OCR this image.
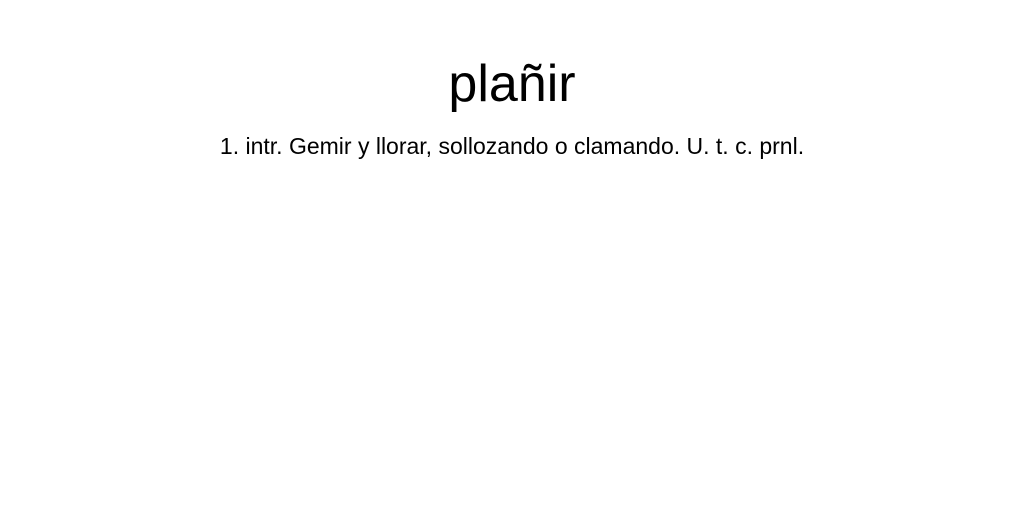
plañir

1. intr. Gemir y llorar, sollozando o clamando. U. t. c. prnl.
